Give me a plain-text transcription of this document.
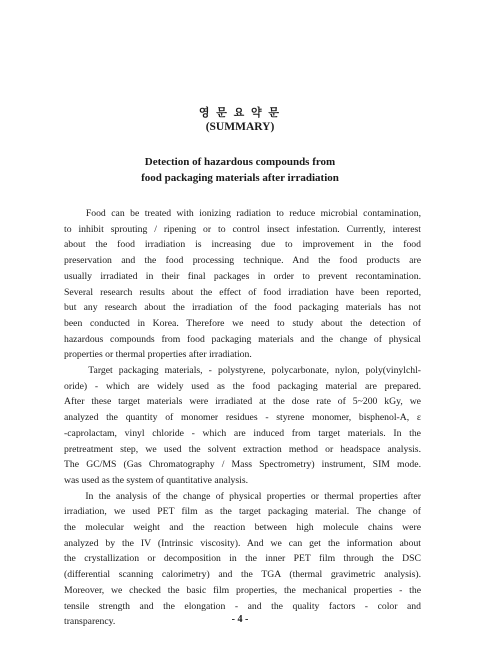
영 문 요 약 문
(SUMMARY)
Detection of hazardous compounds from
food packaging materials after irradiation
Food can be treated with ionizing radiation to reduce microbial contamination,
to inhibit sprouting / ripening or to control insect infestation. Currently, interest
about the food irradiation is increasing due to improvement in the food
preservation and the food processing technique. And the food products are
usually irradiated in their final packages in order to prevent recontamination.
Several research results about the effect of food irradiation have been reported,
but any research about the irradiation of the food packaging materials has not
been conducted in Korea. Therefore we need to study about the detection of
hazardous compounds from food packaging materials and the change of physical
properties or thermal properties after irradiation.
Target packaging materials, - polystyrene, polycarbonate, nylon, poly(vinylchl-
oride) - which are widely used as the food packaging material are prepared.
After these target materials were irradiated at the dose rate of 5~200 kGy, we
analyzed the quantity of monomer residues - styrene monomer, bisphenol-A, ε
-caprolactam, vinyl chloride - which are induced from target materials. In the
pretreatment step, we used the solvent extraction method or headspace analysis.
The GC/MS (Gas Chromatography / Mass Spectrometry) instrument, SIM mode.
was used as the system of quantitative analysis.
In the analysis of the change of physical properties or thermal properties after
irradiation, we used PET film as the target packaging material. The change of
the molecular weight and the reaction between high molecule chains were
analyzed by the IV (Intrinsic viscosity). And we can get the information about
the crystallization or decomposition in the inner PET film through the DSC
(differential scanning calorimetry) and the TGA (thermal gravimetric analysis).
Moreover, we checked the basic film properties, the mechanical properties - the
tensile strength and the elongation - and the quality factors - color and
transparency.	- 4 -
